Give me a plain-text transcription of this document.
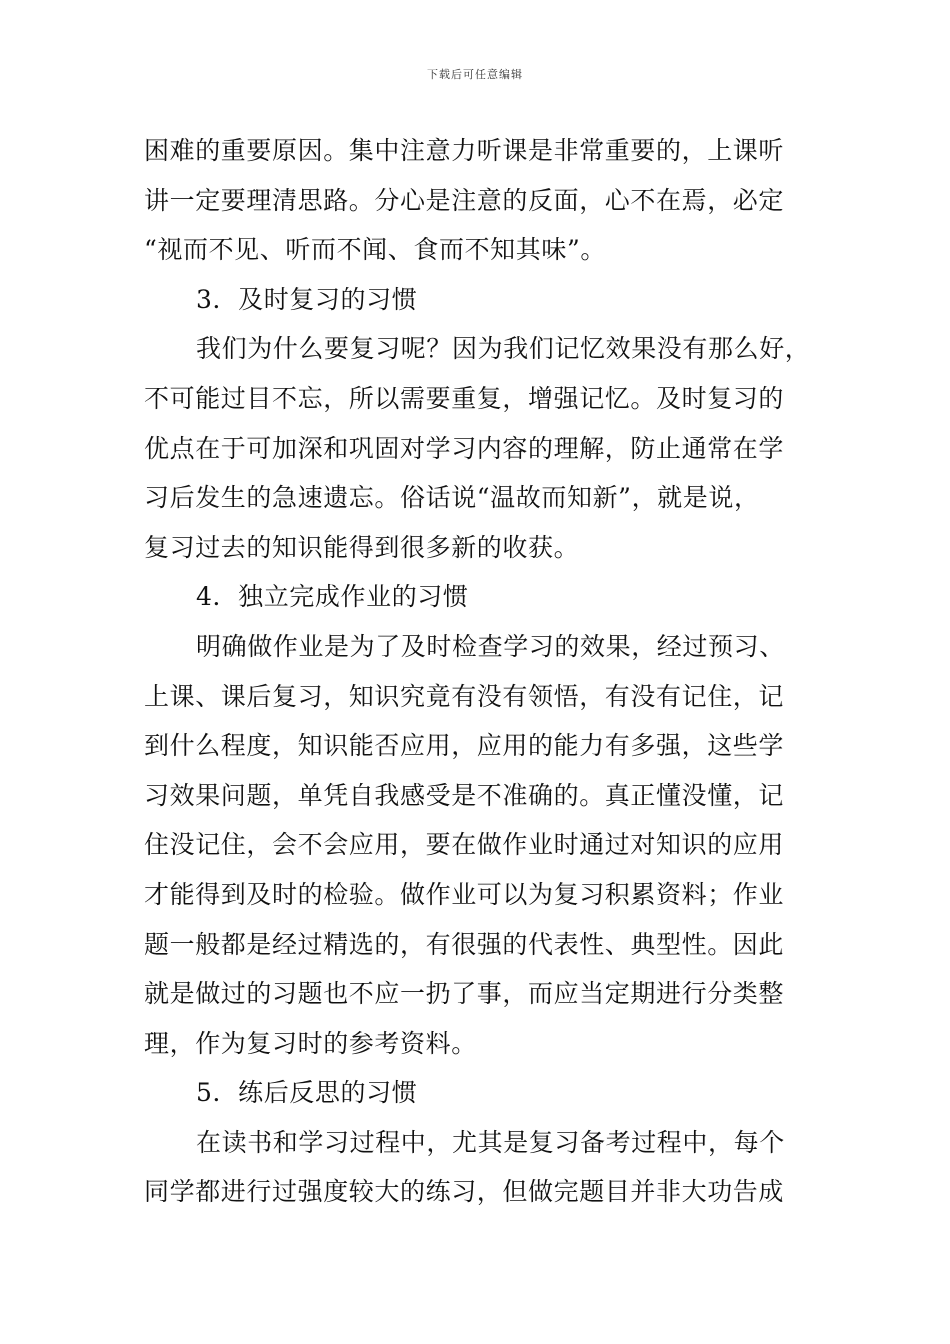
下载后可任意编辑
困难的重要原因。集中注意力听课是非常重要的，上课听
讲一定要理清思路。分心是注意的反面，心不在焉，必定
“视而不见、听而不闻、食而不知其味”。
3．及时复习的习惯
我们为什么要复习呢？因为我们记忆效果没有那么好，
不可能过目不忘，所以需要重复，增强记忆。及时复习的
优点在于可加深和巩固对学习内容的理解，防止通常在学
习后发生的急速遗忘。俗话说“温故而知新”，就是说，
复习过去的知识能得到很多新的收获。
4．独立完成作业的习惯
明确做作业是为了及时检查学习的效果，经过预习、
上课、课后复习，知识究竟有没有领悟，有没有记住，记
到什么程度，知识能否应用，应用的能力有多强，这些学
习效果问题，单凭自我感受是不准确的。真正懂没懂，记
住没记住，会不会应用，要在做作业时通过对知识的应用
才能得到及时的检验。做作业可以为复习积累资料；作业
题一般都是经过精选的，有很强的代表性、典型性。因此
就是做过的习题也不应一扔了事，而应当定期进行分类整
理，作为复习时的参考资料。
5．练后反思的习惯
在读书和学习过程中，尤其是复习备考过程中，每个
同学都进行过强度较大的练习，但做完题目并非大功告成
